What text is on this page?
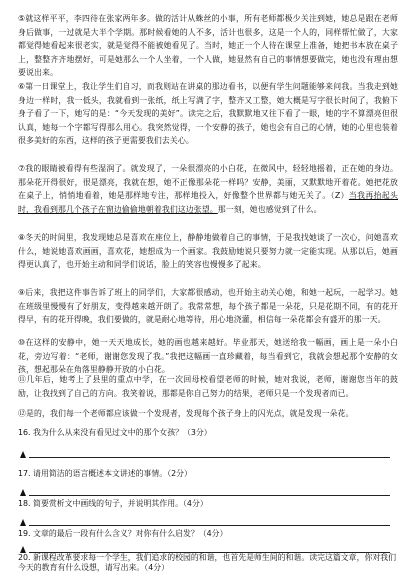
⑤就这样平平，李四待在张家两年多。做的活计从蛛丝的小事，所有老师都极少关注到她，她总是跟在老师身后做事，一过就是大半个学期。那时候看她的人不多，活计也很多，这是一个人的，同样帮忙做了，大家都觉得她看起来很老实，就是觉得不能被她看见了。当时，她正一个人待在课堂上准备，她把书本放在桌子上，整整齐齐地摆好，可是她那么一个人坐着，一个人做，她显然有自己的事情想要做完，她也没有理由想要说出来。
⑥第一日课堂上，我让学生们自习，而我则站在讲桌的那边看书，以便有学生问题能够来问我。当我走到她身边一样时，我一低头，我就看到一张纸，纸上写满了字，整齐又工整，她大概是写字很长时间了，我俯下身子看了一下，她写的是：“今天发现的美好”。读完之后，我默默地又往下看了一眼，她的字不算漂亮但很认真，她每一个字都写得那么用心。我突然觉得，一个安静的孩子，她也会有自己的心情，她的心里也装着很多美好的东西，这样的孩子更需要我们去关心。
⑦我的眼睛被看得有些湿润了。就发现了，一朵很漂亮的小白花，在微风中，轻轻地摇着，正在她的身边。那朵花开得很好，很是漂亮，我就在想，她不正像那朵花一样吗？安静，美丽，又默默地开着花。她把花放在桌子上，悄悄地看着，她是那样地专注，那样地投入，好像整个世界都与她无关了。（Z）当我再抬起头时，我看到那几个孩子在窗边偷偷地朝着我们这边张望。那一刻，她也感觉到了什么。
⑧冬天的时间里，我发现她总是喜欢在座位上，静静地做着自己的事情，于是我找她谈了一次心，问她喜欢什么，她说她喜欢画画，喜欢花，她想成为一个画家。我鼓励她说只要努力就一定能实现。从那以后，她画得更认真了，也开始主动和同学们说话，脸上的笑容也慢慢多了起来。
⑨后来，我把这件事告诉了班上的同学们，大家都很感动，也开始主动关心她，和她一起玩，一起学习。她在班级里慢慢有了好朋友，变得越来越开朗了。我常常想，每个孩子都是一朵花，只是花期不同，有的花开得早，有的花开得晚，我们要做的，就是耐心地等待，用心地浇灌，相信每一朵花都会有盛开的那一天。
⑩在这样的安静中，她一天天地成长，她的画也越来越好。毕业那天，她送给我一幅画，画上是一朵小白花，旁边写着：“老师，谢谢您发现了我。”我把这幅画一直珍藏着，每当看到它，我就会想起那个安静的女孩，想起那朵在角落里静静开放的小白花。
⑪几年后，她考上了县里的重点中学，在一次回母校看望老师的时候，她对我说，老师，谢谢您当年的鼓励，让我找到了自己的方向。我笑着说，那都是你自己努力的结果，老师只是一个发现者而已。
⑫是的，我们每一个老师都应该做一个发现者，发现每个孩子身上的闪光点，就是发现一朵花。
16. 我为什么从来没有看见过文中的那个女孩？（3分）
17. 请用简洁的语言概述本文讲述的事情。（2分）
18. 简要赏析文中画线的句子，并说明其作用。（4分）
19. 文章的最后一段有什么含义？对你有什么启发？（4分）
20. 新课程改革要求每一个学生，我们追求的校园的和谐，也首先是师生间的和谐。读完这篇文章，你对我们今天的教育有什么设想，请写出来。（4分）
